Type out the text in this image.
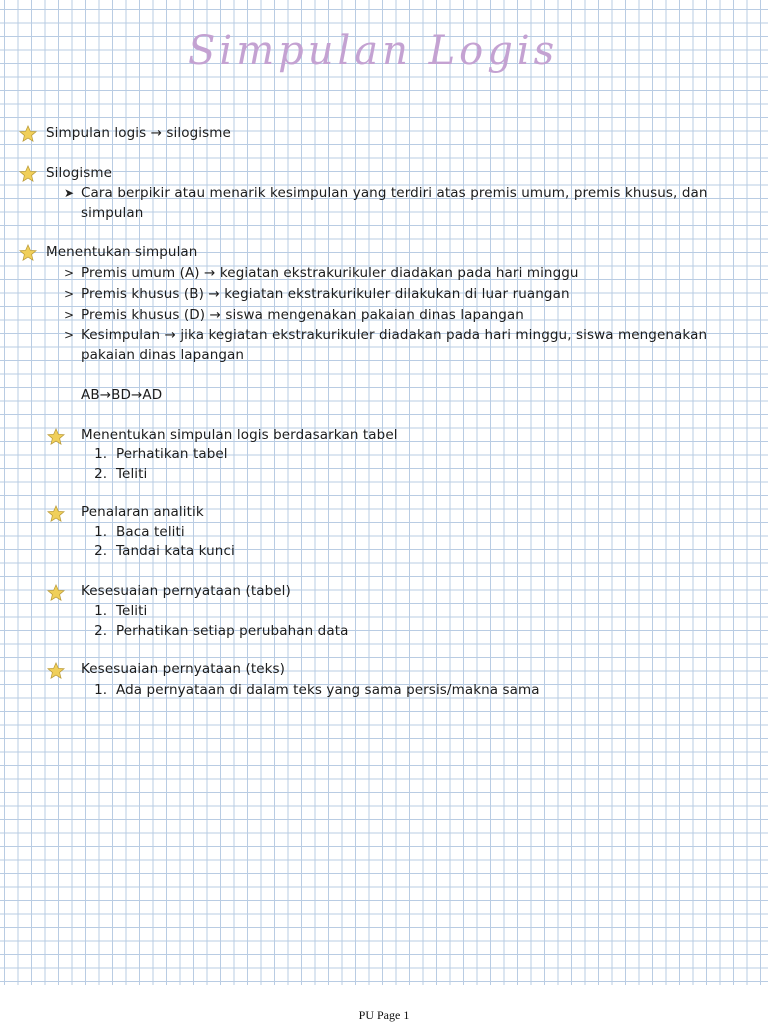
Simpulan Logis
Simpulan logis → silogisme
Silogisme
➤ Cara berpikir atau menarik kesimpulan yang terdiri atas premis umum, premis khusus, dan
simpulan
Menentukan simpulan
> Premis umum (A) → kegiatan ekstrakurikuler diadakan pada hari minggu
> Premis khusus (B) → kegiatan ekstrakurikuler dilakukan di luar ruangan
> Premis khusus (D) → siswa mengenakan pakaian dinas lapangan
> Kesimpulan → jika kegiatan ekstrakurikuler diadakan pada hari minggu, siswa mengenakan
pakaian dinas lapangan
AB→BD→AD
Menentukan simpulan logis berdasarkan tabel
1. Perhatikan tabel
2. Teliti
Penalaran analitik
1. Baca teliti
2. Tandai kata kunci
Kesesuaian pernyataan (tabel)
1. Teliti
2. Perhatikan setiap perubahan data
Kesesuaian pernyataan (teks)
1. Ada pernyataan di dalam teks yang sama persis/makna sama
PU Page 1
